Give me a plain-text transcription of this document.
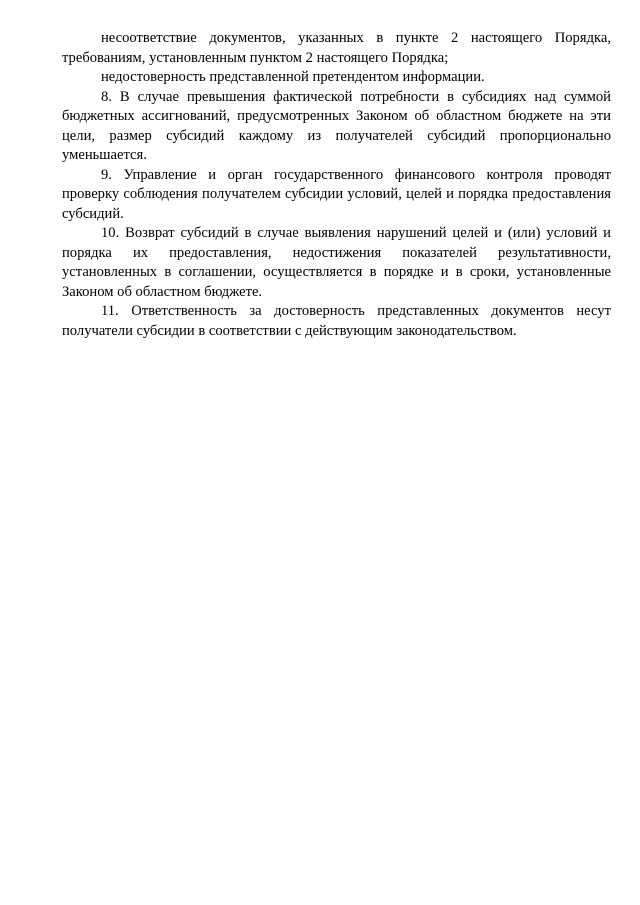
несоответствие документов, указанных в пункте 2 настоящего Порядка, требованиям, установленным пунктом 2 настоящего Порядка;

недостоверность представленной претендентом информации.

8. В случае превышения фактической потребности в субсидиях над суммой бюджетных ассигнований, предусмотренных Законом об областном бюджете на эти цели, размер субсидий каждому из получателей субсидий пропорционально уменьшается.

9. Управление и орган государственного финансового контроля проводят проверку соблюдения получателем субсидии условий, целей и порядка предоставления субсидий.

10. Возврат субсидий в случае выявления нарушений целей и (или) условий и порядка их предоставления, недостижения показателей результативности, установленных в соглашении, осуществляется в порядке и в сроки, установленные Законом об областном бюджете.

11. Ответственность за достоверность представленных документов несут получатели субсидии в соответствии с действующим законодательством.
